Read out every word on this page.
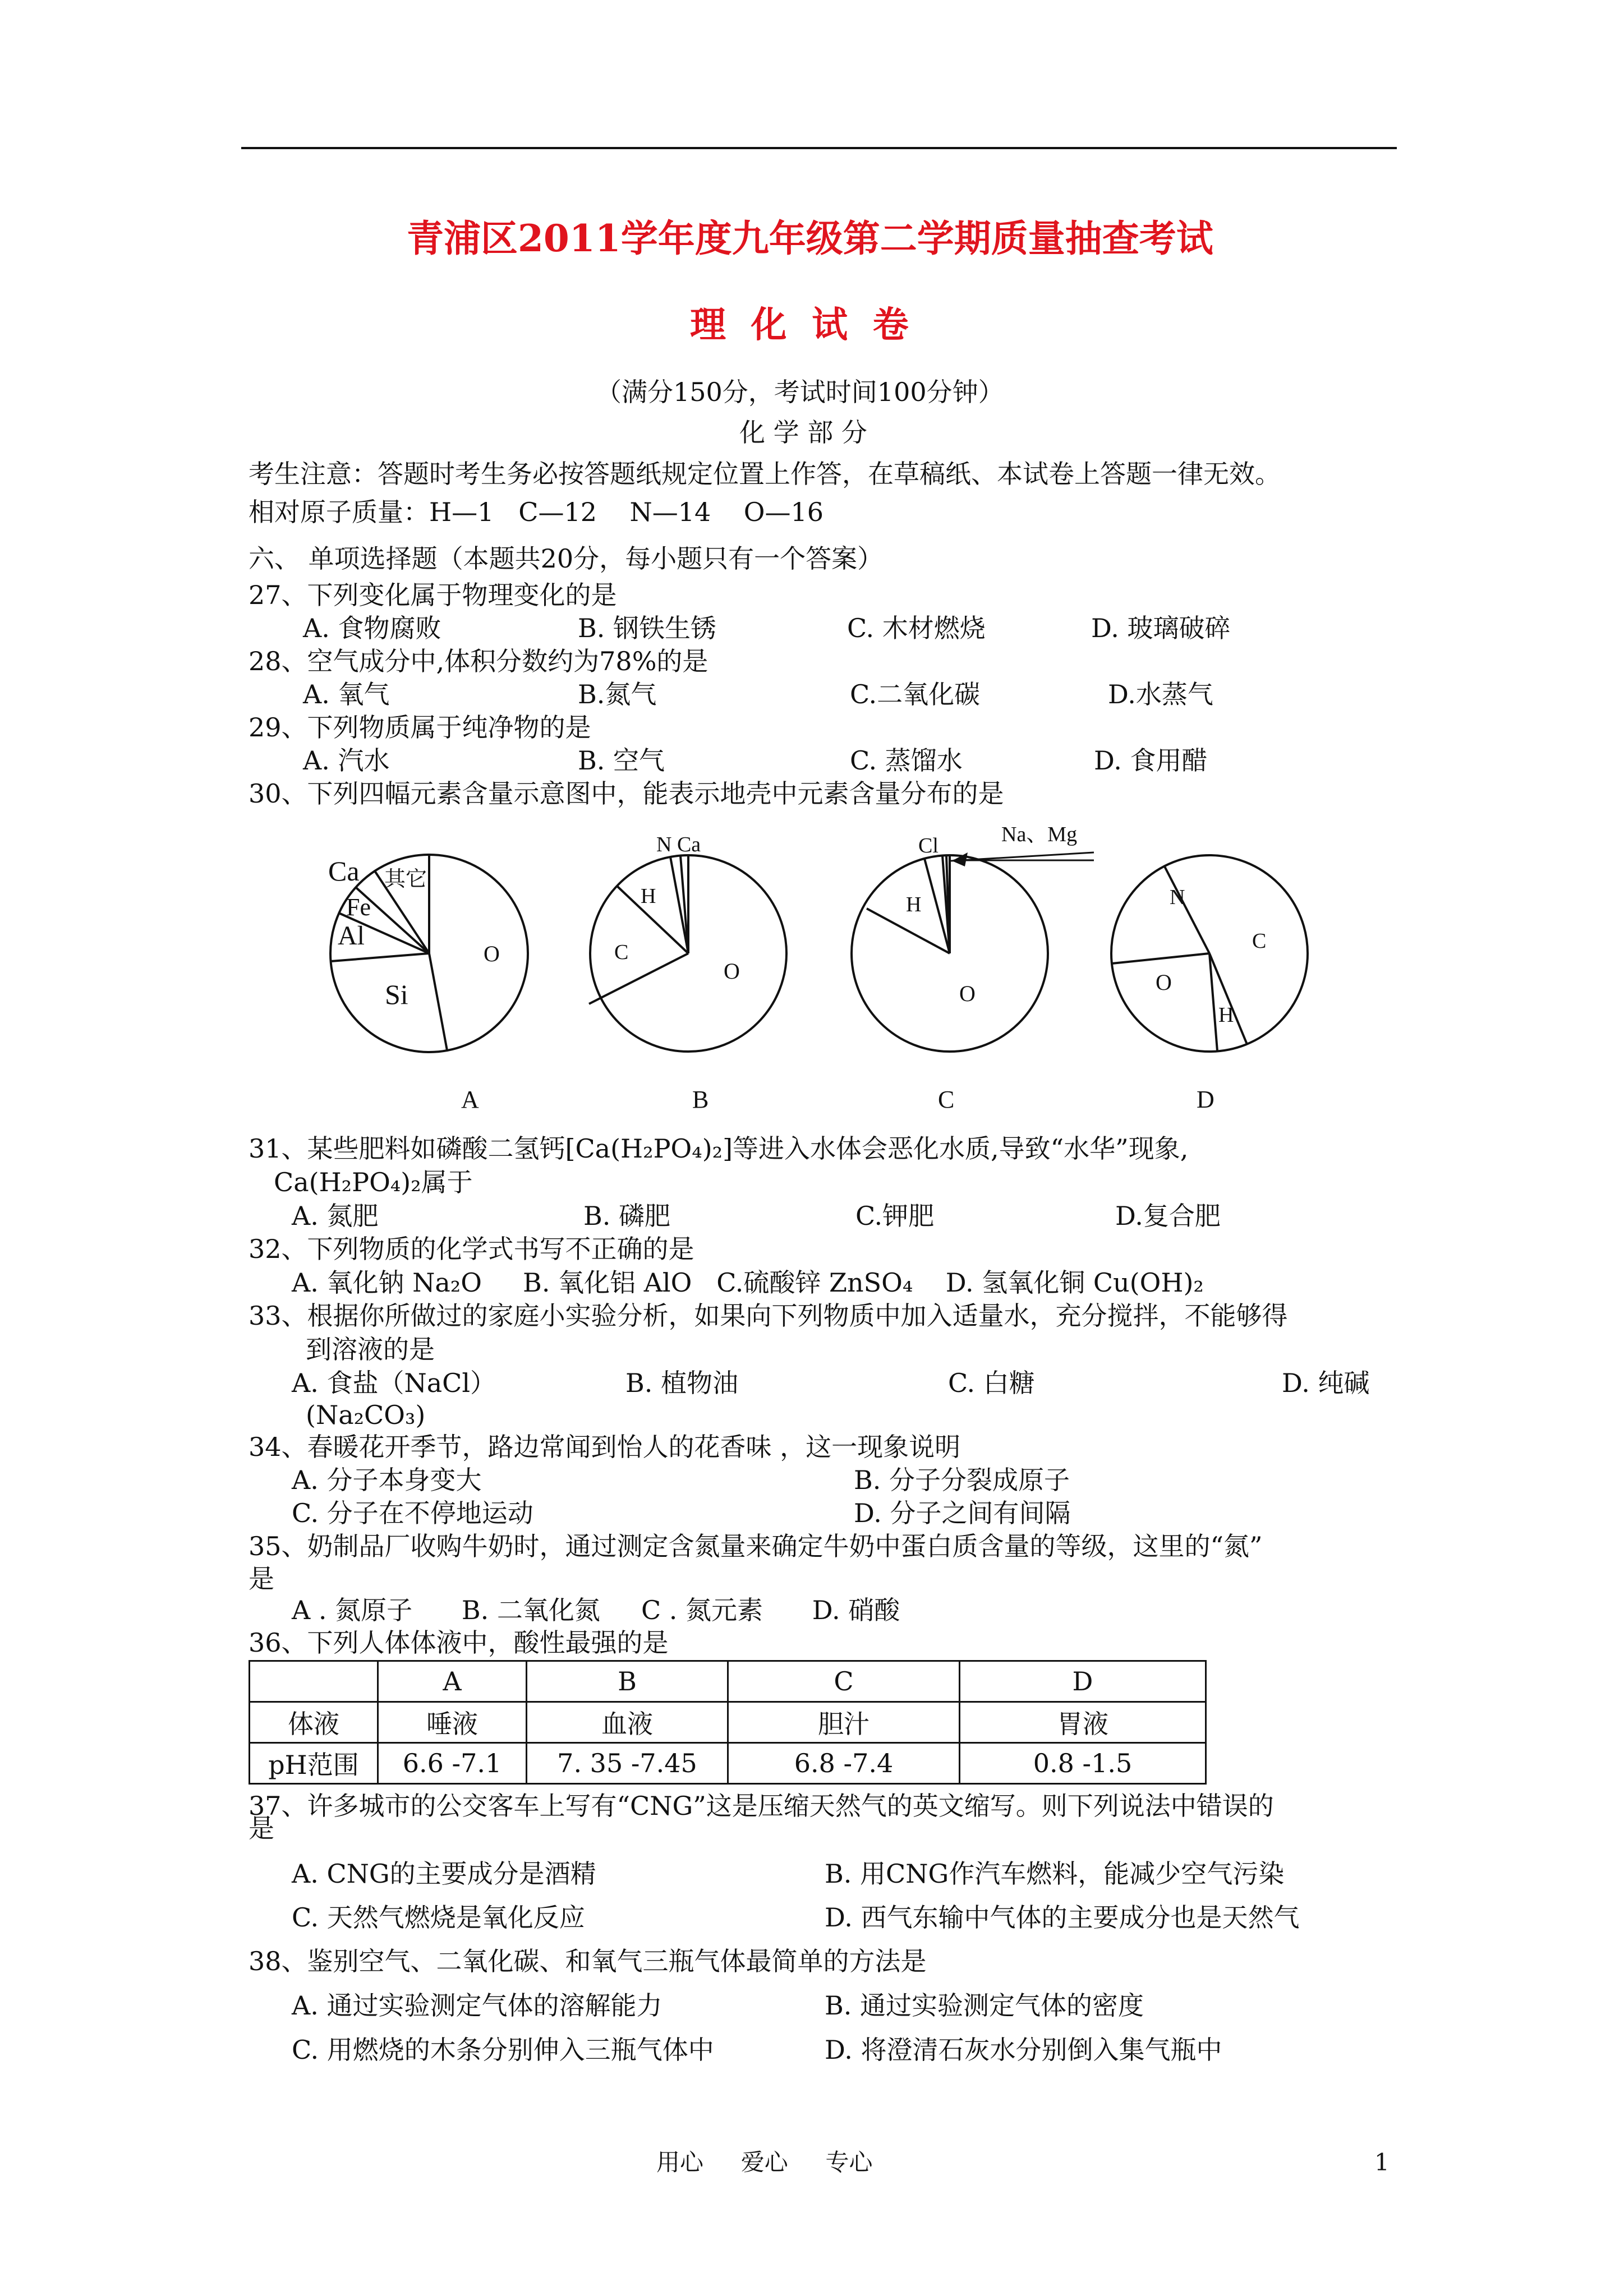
青浦区2011学年度九年级第二学期质量抽查考试
理  化  试  卷
（满分150分，考试时间100分钟）
化 学 部 分
考生注意：答题时考生务必按答题纸规定位置上作答，在草稿纸、本试卷上答题一律无效。
相对原子质量：H—1   C—12    N—14    O—16
六、 单项选择题（本题共20分，每小题只有一个答案）
27、下列变化属于物理变化的是
A. 食物腐败	B. 钢铁生锈	C. 木材燃烧	D. 玻璃破碎
28、空气成分中,体积分数约为78%的是
A. 氧气	B.氮气	C.二氧化碳	D.水蒸气
29、下列物质属于纯净物的是
A. 汽水	B. 空气	C. 蒸馏水	D. 食用醋
30、下列四幅元素含量示意图中，能表示地壳中元素含量分布的是
Ca 其它
Fe
Al
Si
O
N Ca
H
C
O
Cl	Na、Mg
H
O
N
C
O
H
A	B	C	D
31、某些肥料如磷酸二氢钙[Ca(H₂PO₄)₂]等进入水体会恶化水质,导致“水华”现象,
Ca(H₂PO₄)₂属于
A. 氮肥	B. 磷肥	C.钾肥	D.复合肥
32、下列物质的化学式书写不正确的是
A. 氧化钠 Na₂O     B. 氧化铝 AlO   C.硫酸锌 ZnSO₄    D. 氢氧化铜 Cu(OH)₂
33、根据你所做过的家庭小实验分析，如果向下列物质中加入适量水，充分搅拌，不能够得
到溶液的是
A. 食盐（NaCl）	B. 植物油	C. 白糖	D. 纯碱
(Na₂CO₃)
34、春暖花开季节，路边常闻到怡人的花香味 ，这一现象说明
A. 分子本身变大	B. 分子分裂成原子
C. 分子在不停地运动	D. 分子之间有间隔
35、奶制品厂收购牛奶时，通过测定含氮量来确定牛奶中蛋白质含量的等级，这里的“氮”
是
A . 氮原子      B. 二氧化氮     C . 氮元素      D. 硝酸
36、下列人体体液中，酸性最强的是
	A	B	C	D
体液	唾液	血液	胆汁	胃液
pH范围	6.6 -7.1	7. 35 -7.45	6.8 -7.4	0.8 -1.5
37、许多城市的公交客车上写有“CNG”这是压缩天然气的英文缩写。则下列说法中错误的
是
A. CNG的主要成分是酒精	B. 用CNG作汽车燃料，能减少空气污染
C. 天然气燃烧是氧化反应	D. 西气东输中气体的主要成分也是天然气
38、鉴别空气、二氧化碳、和氧气三瓶气体最简单的方法是
A. 通过实验测定气体的溶解能力	B. 通过实验测定气体的密度
C. 用燃烧的木条分别伸入三瓶气体中	D. 将澄清石灰水分别倒入集气瓶中
用心     爱心     专心	1
